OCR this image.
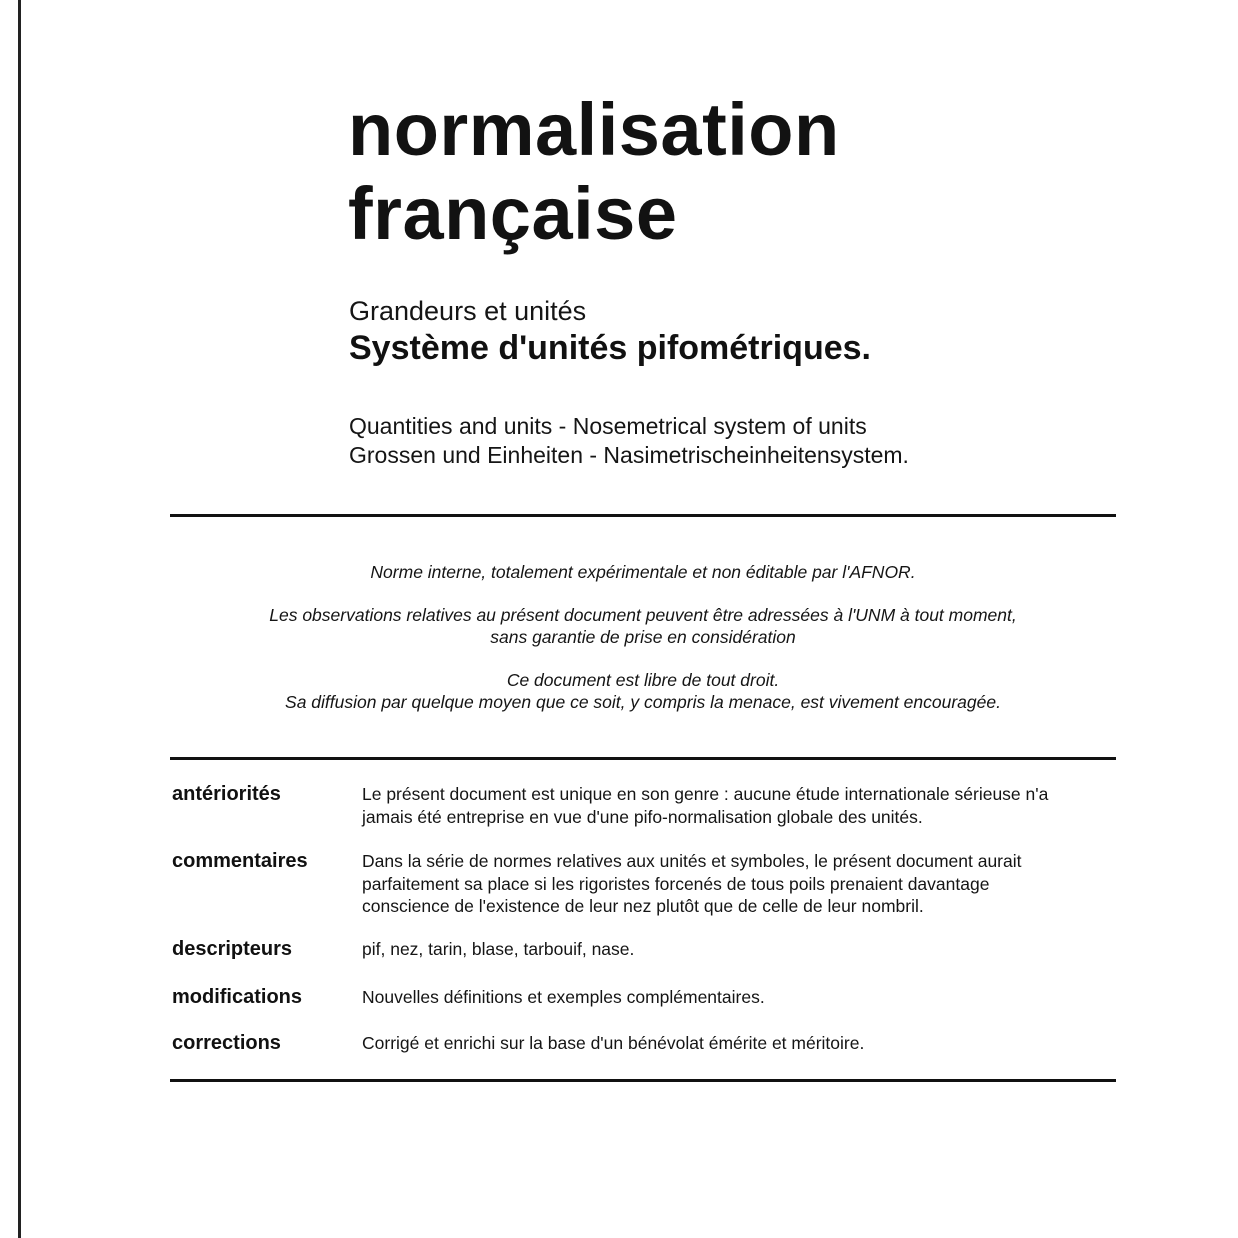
normalisation
française
Grandeurs et unités
Système d'unités pifométriques.
Quantities and units - Nosemetrical system of units
Grossen und Einheiten - Nasimetrischeinheitensystem.
Norme interne, totalement expérimentale et non éditable par l'AFNOR.
Les observations relatives au présent document peuvent être adressées à l'UNM à tout moment,
sans garantie de prise en considération
Ce document est libre de tout droit.
Sa diffusion par quelque moyen que ce soit, y compris la menace, est vivement encouragée.
antériorités	Le présent document est unique en son genre : aucune étude internationale sérieuse n'a
jamais été entreprise en vue d'une pifo-normalisation globale des unités.
commentaires	Dans la série de normes relatives aux unités et symboles, le présent document aurait
parfaitement sa place si les rigoristes forcenés de tous poils prenaient davantage
conscience de l'existence de leur nez plutôt que de celle de leur nombril.
descripteurs	pif, nez, tarin, blase, tarbouif, nase.
modifications	Nouvelles définitions et exemples complémentaires.
corrections	Corrigé et enrichi sur la base d'un bénévolat émérite et méritoire.
